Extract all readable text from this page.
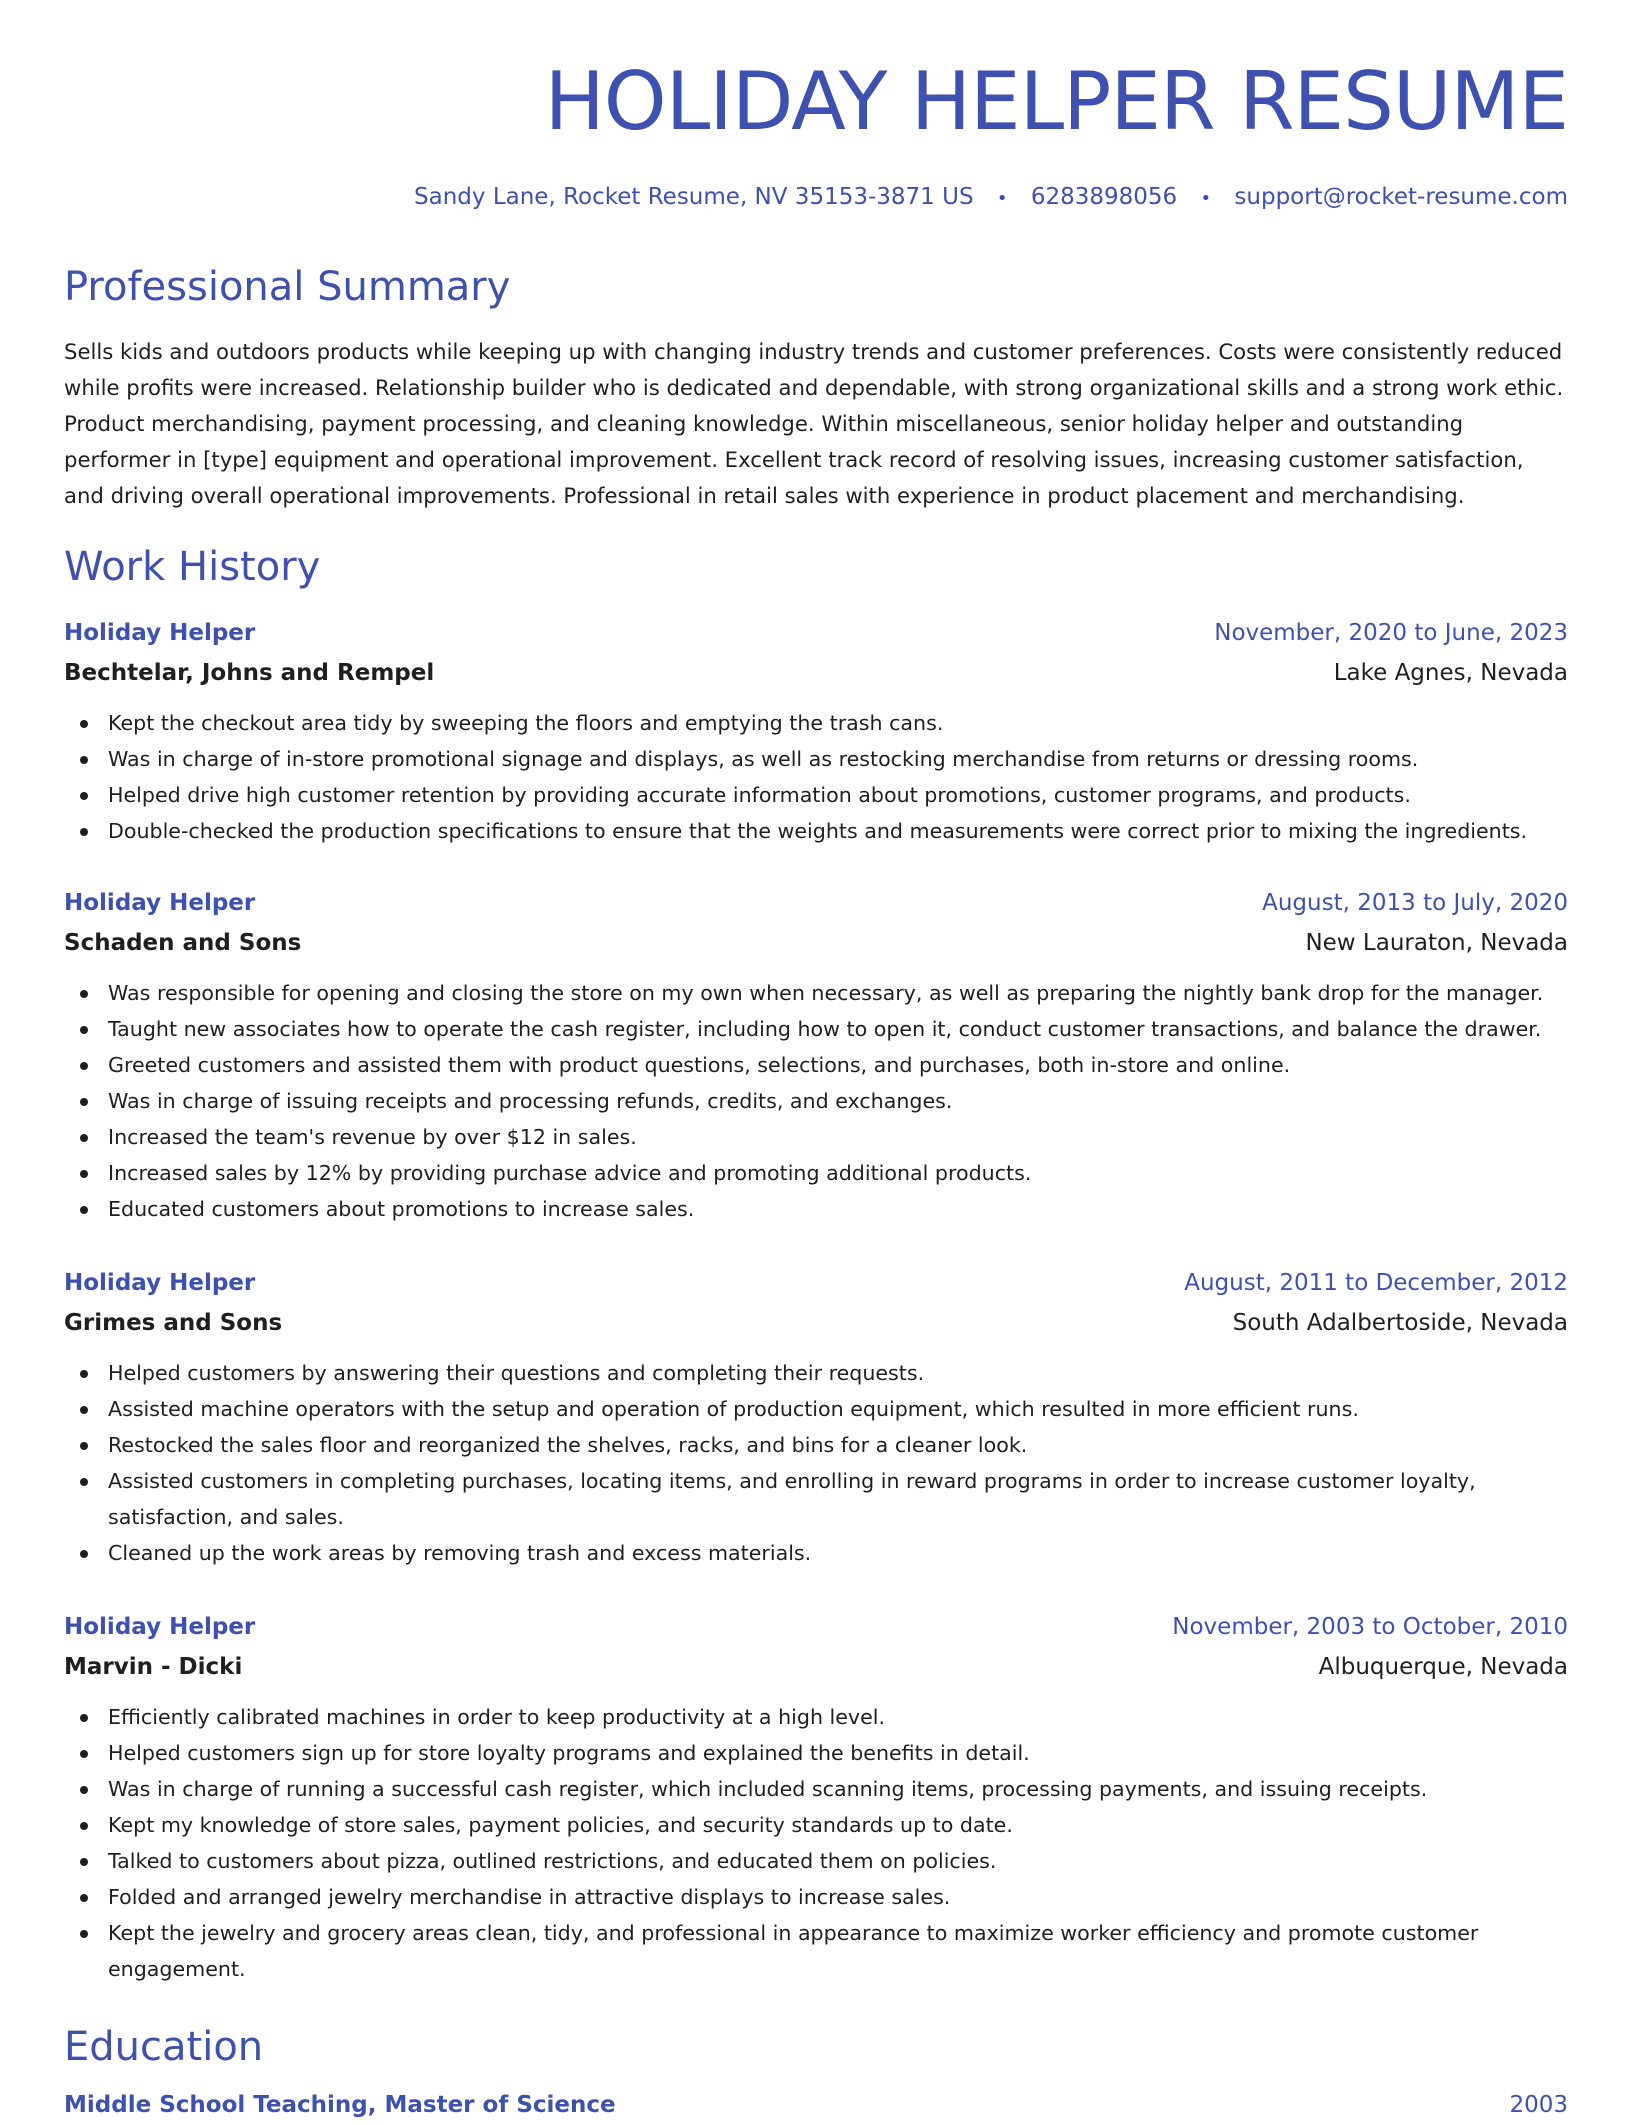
HOLIDAY HELPER RESUME
Sandy Lane, Rocket Resume, NV 35153-3871 US • 6283898056 • support@rocket-resume.com
Professional Summary

Sells kids and outdoors products while keeping up with changing industry trends and customer preferences. Costs were consistently reduced while profits were increased. Relationship builder who is dedicated and dependable, with strong organizational skills and a strong work ethic. Product merchandising, payment processing, and cleaning knowledge. Within miscellaneous, senior holiday helper and outstanding performer in [type] equipment and operational improvement. Excellent track record of resolving issues, increasing customer satisfaction, and driving overall operational improvements. Professional in retail sales with experience in product placement and merchandising.

Work History
Holiday Helper	November, 2020 to June, 2023
Bechtelar, Johns and Rempel	Lake Agnes, Nevada
Kept the checkout area tidy by sweeping the floors and emptying the trash cans.
Was in charge of in-store promotional signage and displays, as well as restocking merchandise from returns or dressing rooms.
Helped drive high customer retention by providing accurate information about promotions, customer programs, and products.
Double-checked the production specifications to ensure that the weights and measurements were correct prior to mixing the ingredients.
Holiday Helper	August, 2013 to July, 2020
Schaden and Sons	New Lauraton, Nevada
Was responsible for opening and closing the store on my own when necessary, as well as preparing the nightly bank drop for the manager.
Taught new associates how to operate the cash register, including how to open it, conduct customer transactions, and balance the drawer.
Greeted customers and assisted them with product questions, selections, and purchases, both in-store and online.
Was in charge of issuing receipts and processing refunds, credits, and exchanges.
Increased the team's revenue by over $12 in sales.
Increased sales by 12% by providing purchase advice and promoting additional products.
Educated customers about promotions to increase sales.
Holiday Helper	August, 2011 to December, 2012
Grimes and Sons	South Adalbertoside, Nevada
Helped customers by answering their questions and completing their requests.
Assisted machine operators with the setup and operation of production equipment, which resulted in more efficient runs.
Restocked the sales floor and reorganized the shelves, racks, and bins for a cleaner look.
Assisted customers in completing purchases, locating items, and enrolling in reward programs in order to increase customer loyalty, satisfaction, and sales.
Cleaned up the work areas by removing trash and excess materials.
Holiday Helper	November, 2003 to October, 2010
Marvin - Dicki	Albuquerque, Nevada
Efficiently calibrated machines in order to keep productivity at a high level.
Helped customers sign up for store loyalty programs and explained the benefits in detail.
Was in charge of running a successful cash register, which included scanning items, processing payments, and issuing receipts.
Kept my knowledge of store sales, payment policies, and security standards up to date.
Talked to customers about pizza, outlined restrictions, and educated them on policies.
Folded and arranged jewelry merchandise in attractive displays to increase sales.
Kept the jewelry and grocery areas clean, tidy, and professional in appearance to maximize worker efficiency and promote customer engagement.
Education
Middle School Teaching, Master of Science	2003
